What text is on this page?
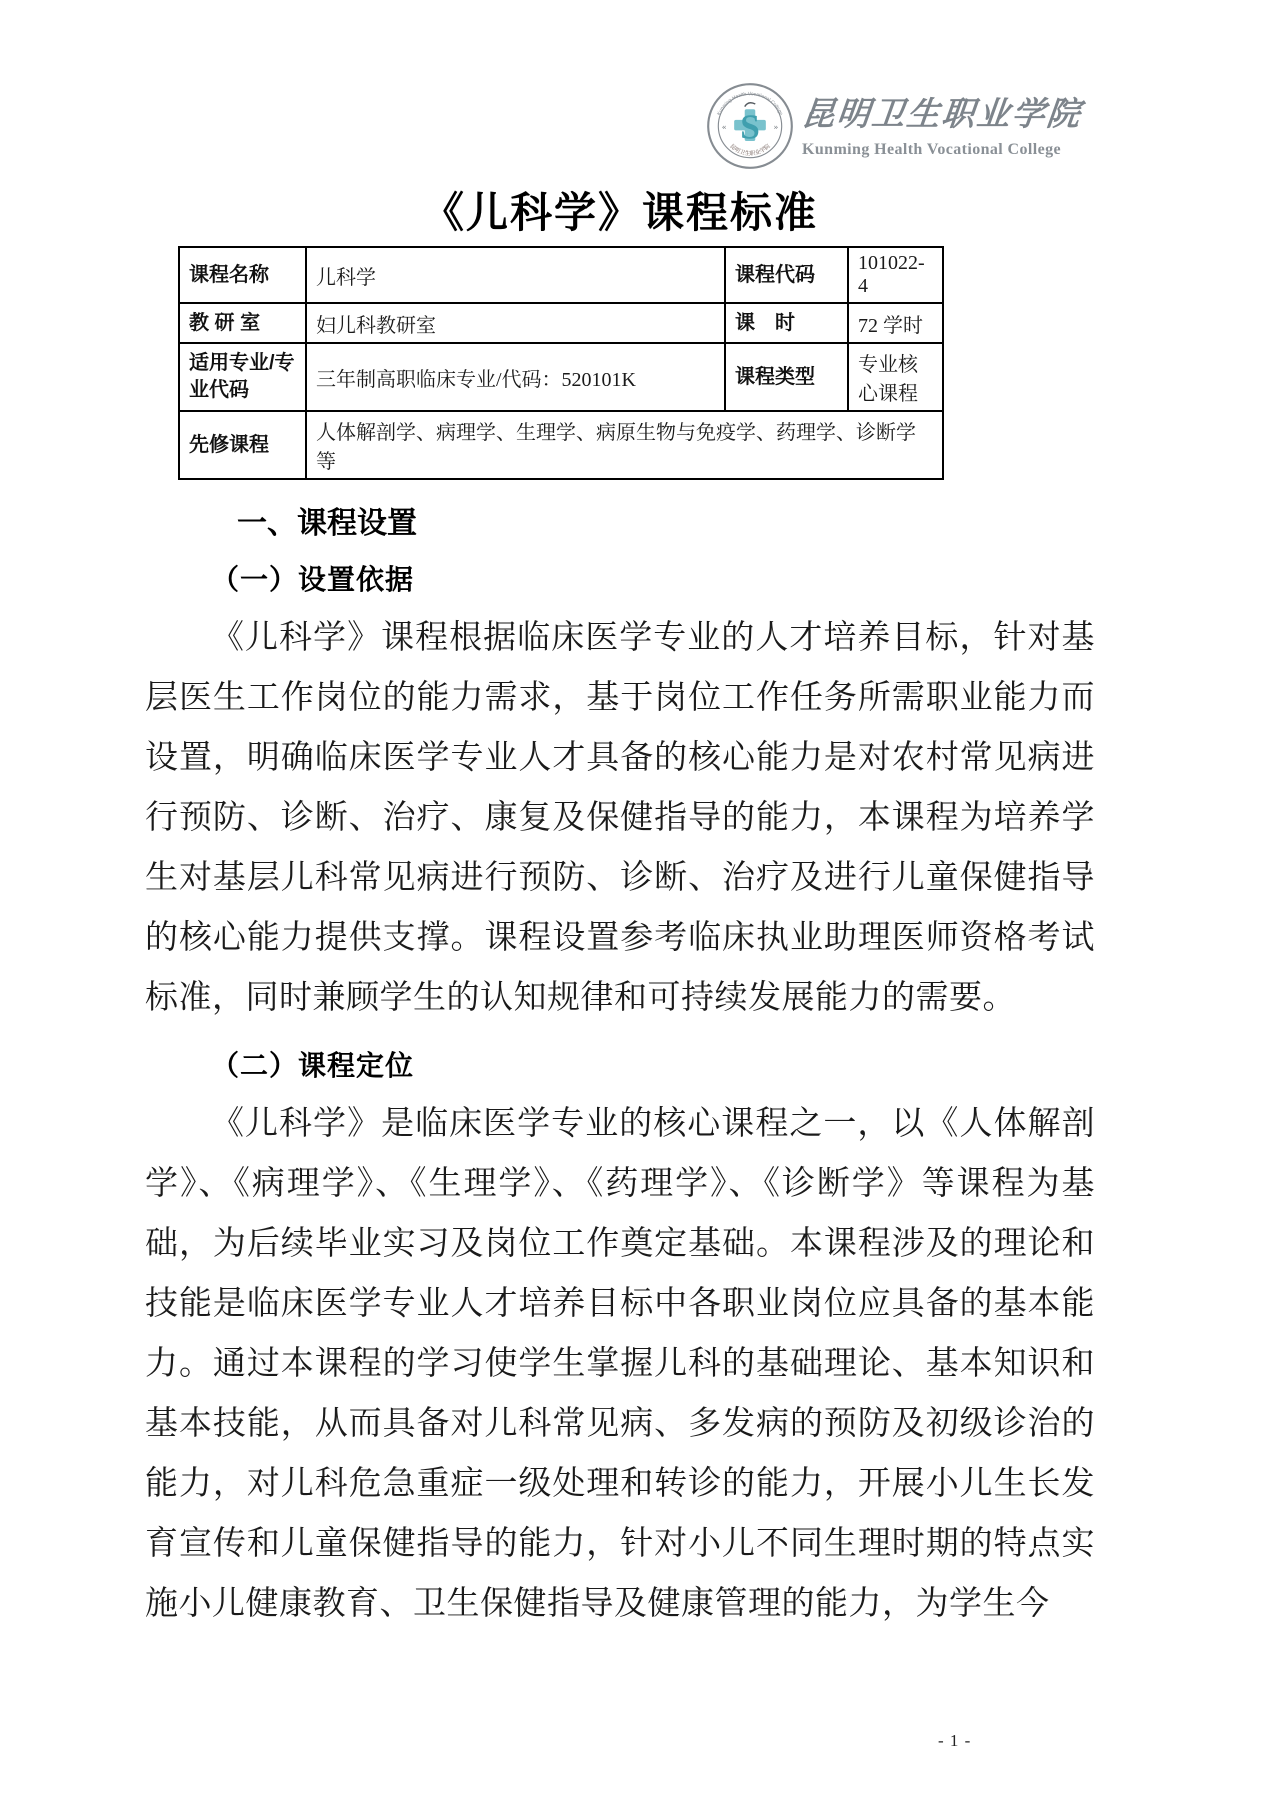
Kunming Health Vocational College
昆明卫生职业学院
«	»
S 昆明卫生职业学院
Kunming Health Vocational College
《儿科学》课程标准
课程名称	儿科学	课程代码	101022-4
教 研 室	妇儿科教研室	课　时	72 学时
适用专业/专业代码	三年制高职临床专业/代码：520101K	课程类型	专业核心课程
先修课程	人体解剖学、病理学、生理学、病原生物与免疫学、药理学、诊断学等		
一、课程设置
（一）设置依据
《儿科学》课程根据临床医学专业的人才培养目标，针对基层医生工作岗位的能力需求，基于岗位工作任务所需职业能力而设置，明确临床医学专业人才具备的核心能力是对农村常见病进行预防、诊断、治疗、康复及保健指导的能力，本课程为培养学生对基层儿科常见病进行预防、诊断、治疗及进行儿童保健指导的核心能力提供支撑。课程设置参考临床执业助理医师资格考试标准，同时兼顾学生的认知规律和可持续发展能力的需要。
（二）课程定位
《儿科学》是临床医学专业的核心课程之一，以《人体解剖学》、《病理学》、《生理学》、《药理学》、《诊断学》等课程为基础，为后续毕业实习及岗位工作奠定基础。本课程涉及的理论和技能是临床医学专业人才培养目标中各职业岗位应具备的基本能力。通过本课程的学习使学生掌握儿科的基础理论、基本知识和基本技能，从而具备对儿科常见病、多发病的预防及初级诊治的能力，对儿科危急重症一级处理和转诊的能力，开展小儿生长发育宣传和儿童保健指导的能力，针对小儿不同生理时期的特点实施小儿健康教育、卫生保健指导及健康管理的能力，为学生今
- 1 -
